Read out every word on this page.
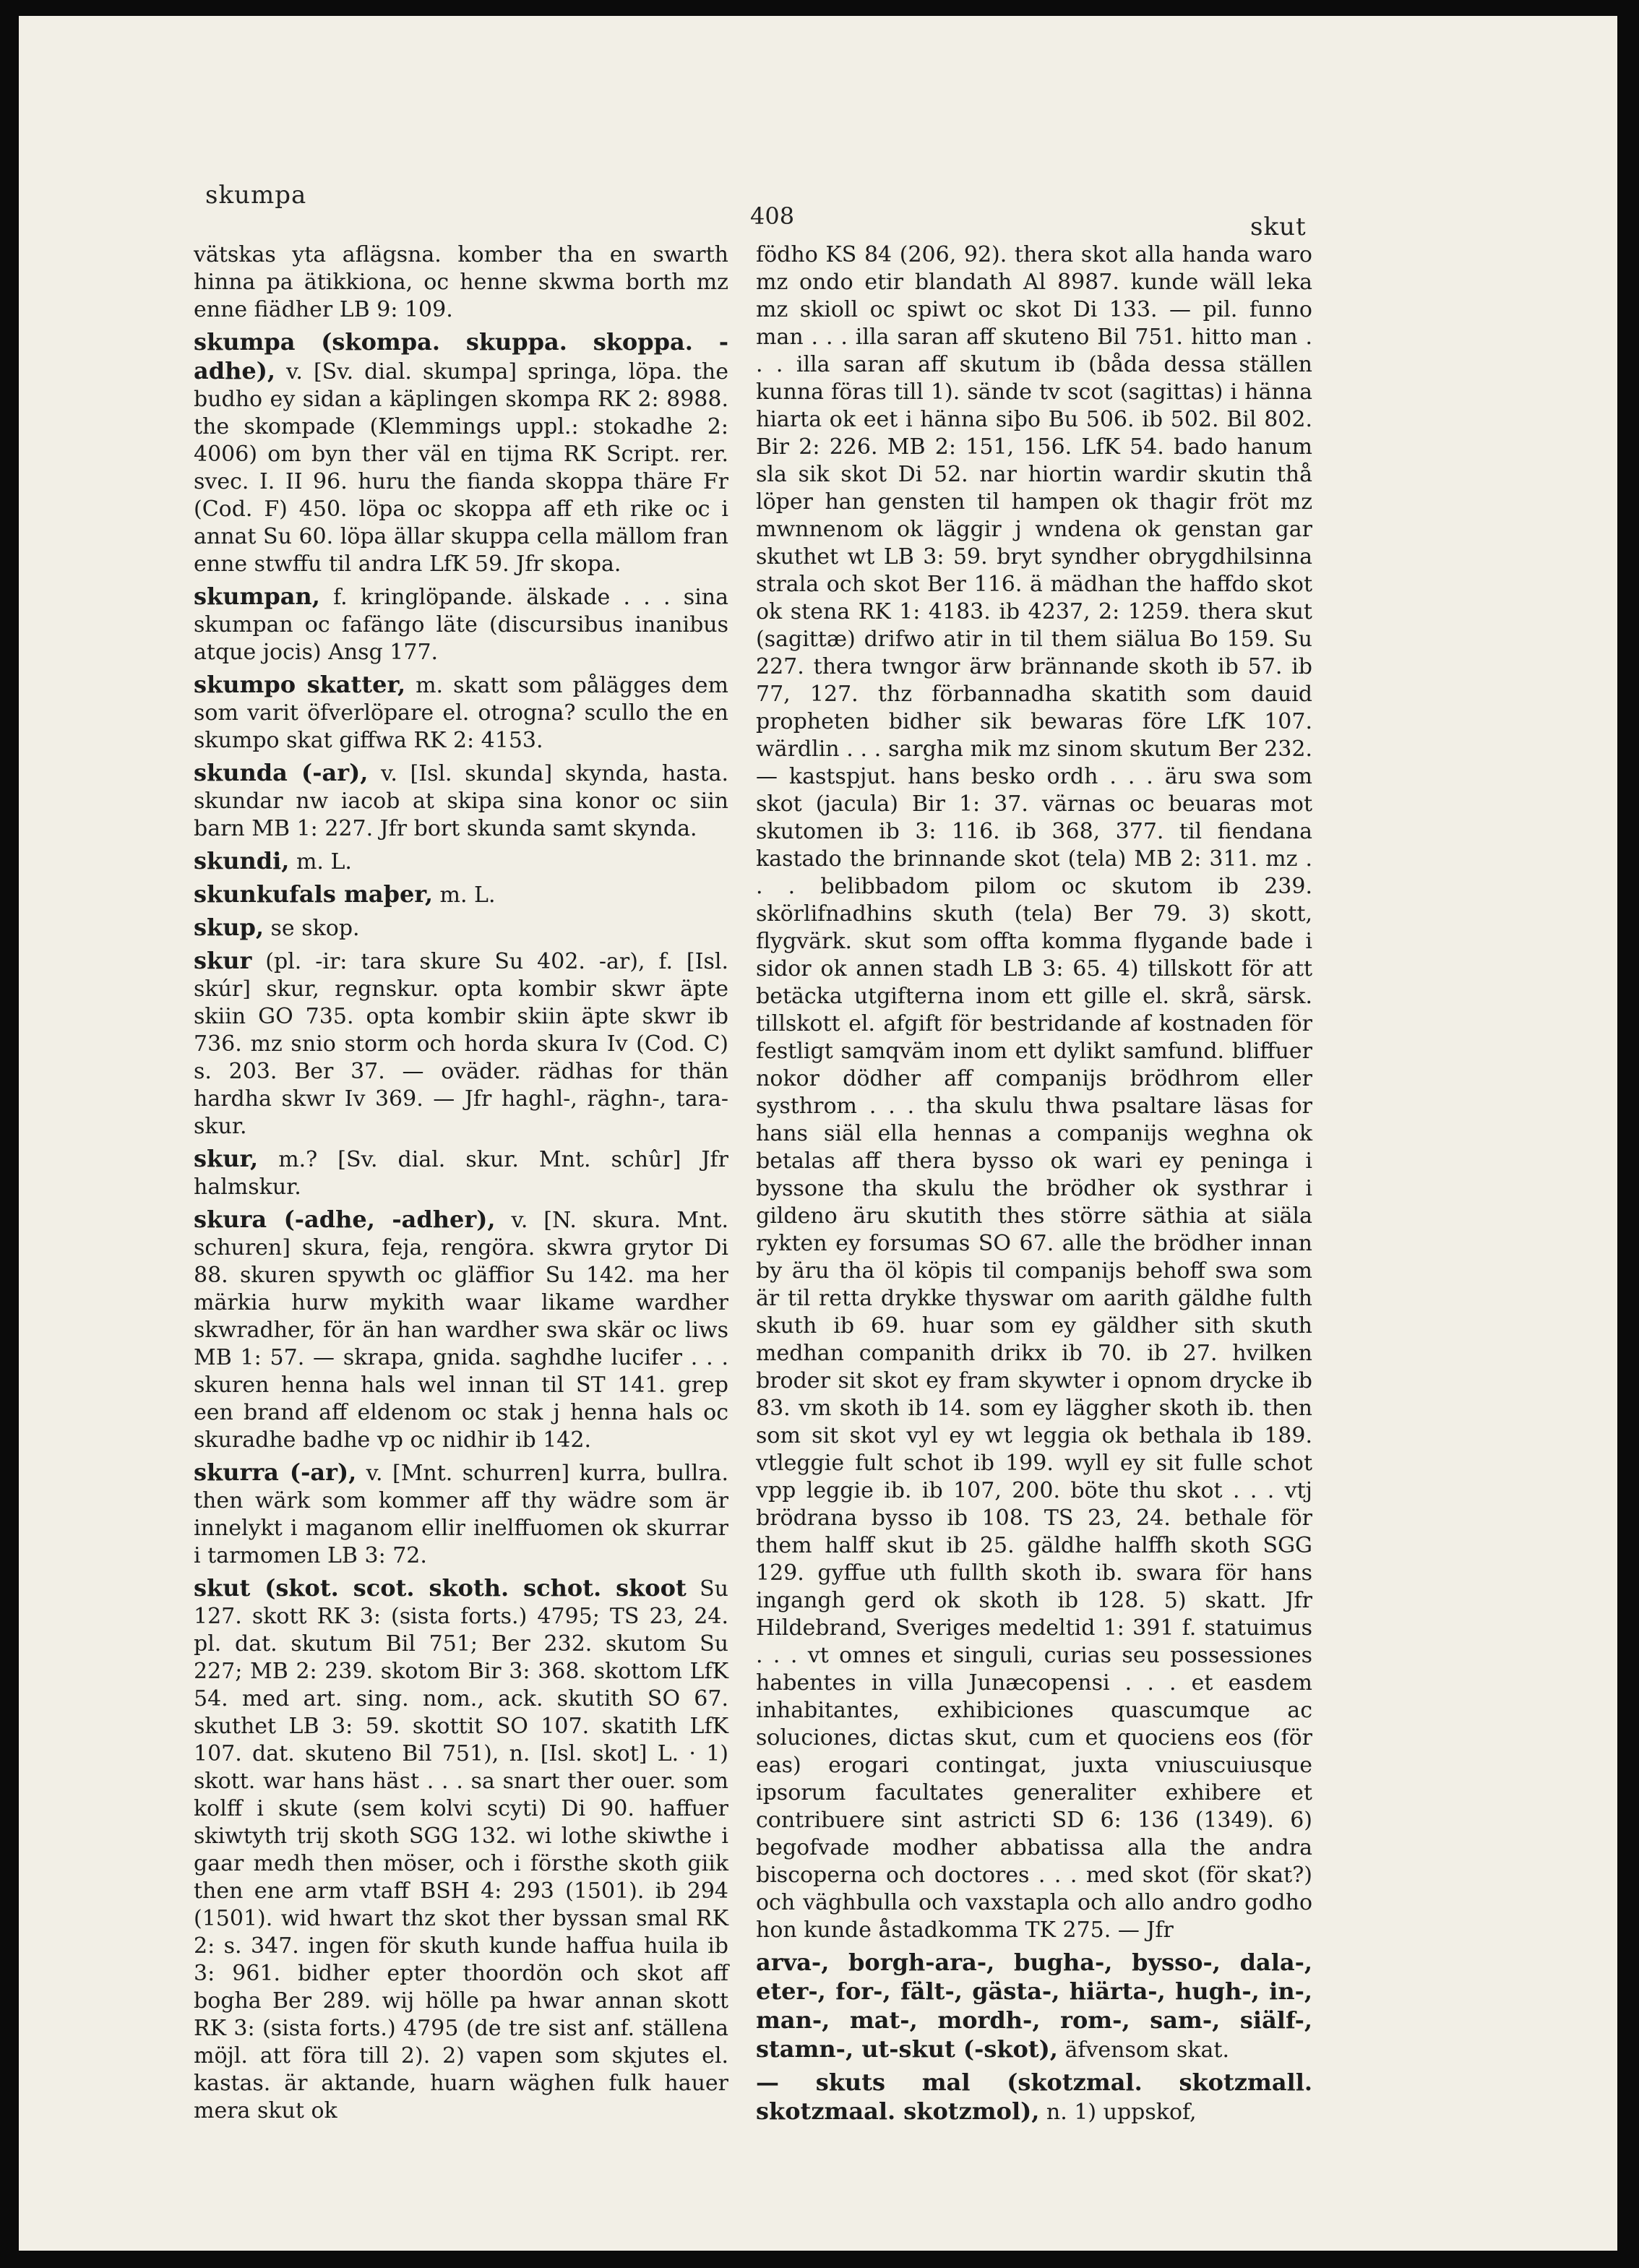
skumpa
408	skut
vätskas yta aflägsna. komber tha en swarth hinna pa ätikkiona, oc henne skwma borth mz enne fiädher LB 9: 109.
skumpa (skompa. skuppa. skoppa. -adhe), v. [Sv. dial. skumpa] springa, löpa. the budho ey sidan a käplingen skompa RK 2: 8988. the skompade (Klemmings uppl.: stokadhe 2: 4006) om byn ther väl en tijma RK Script. rer. svec. I. II 96. huru the fianda skoppa thäre Fr (Cod. F) 450. löpa oc skoppa aff eth rike oc i annat Su 60. löpa ällar skuppa cella mällom fran enne stwffu til andra LfK 59. Jfr skopa.
skumpan, f. kringlöpande. älskade . . . sina skumpan oc fafängo läte (discursibus inanibus atque jocis) Ansg 177.
skumpo skatter, m. skatt som pålägges dem som varit öfverlöpare el. otrogna? scullo the en skumpo skat giffwa RK 2: 4153.
skunda (-ar), v. [Isl. skunda] skynda, hasta. skundar nw iacob at skipa sina konor oc siin barn MB 1: 227. Jfr bort skunda samt skynda.
skundi, m. L.
skunkufals maþer, m. L.
skup, se skop.
skur (pl. -ir: tara skure Su 402. -ar), f. [Isl. skúr] skur, regnskur. opta kombir skwr äpte skiin GO 735. opta kombir skiin äpte skwr ib 736. mz snio storm och horda skura Iv (Cod. C) s. 203. Ber 37. — oväder. rädhas for thän hardha skwr Iv 369. — Jfr haghl-, räghn-, tara-skur.
skur, m.? [Sv. dial. skur. Mnt. schûr] Jfr halmskur.
skura (-adhe, -adher), v. [N. skura. Mnt. schuren] skura, feja, rengöra. skwra grytor Di 88. skuren spywth oc gläffior Su 142. ma her märkia hurw mykith waar likame wardher skwradher, för än han wardher swa skär oc liws MB 1: 57. — skrapa, gnida. saghdhe lucifer . . . skuren henna hals wel innan til ST 141. grep een brand aff eldenom oc stak j henna hals oc skuradhe badhe vp oc nidhir ib 142.
skurra (-ar), v. [Mnt. schurren] kurra, bullra. then wärk som kommer aff thy wädre som är innelykt i maganom ellir inelffuomen ok skurrar i tarmomen LB 3: 72.
skut (skot. scot. skoth. schot. skoot Su 127. skott RK 3: (sista forts.) 4795; TS 23, 24. pl. dat. skutum Bil 751; Ber 232. skutom Su 227; MB 2: 239. skotom Bir 3: 368. skottom LfK 54. med art. sing. nom., ack. skutith SO 67. skuthet LB 3: 59. skottit SO 107. skatith LfK 107. dat. skuteno Bil 751), n. [Isl. skot] L. · 1) skott. war hans häst . . . sa snart ther ouer. som kolff i skute (sem kolvi scyti) Di 90. haffuer skiwtyth trij skoth SGG 132. wi lothe skiwthe i gaar medh then möser, och i försthe skoth giik then ene arm vtaff BSH 4: 293 (1501). ib 294 (1501). wid hwart thz skot ther byssan smal RK 2: s. 347. ingen för skuth kunde haffua huila ib 3: 961. bidher epter thoordön och skot aff bogha Ber 289. wij hölle pa hwar annan skott RK 3: (sista forts.) 4795 (de tre sist anf. ställena möjl. att föra till 2). 2) vapen som skjutes el. kastas. är aktande, huarn wäghen fulk hauer mera skut ok
födho KS 84 (206, 92). thera skot alla handa waro mz ondo etir blandath Al 8987. kunde wäll leka mz skioll oc spiwt oc skot Di 133. — pil. funno man . . . illa saran aff skuteno Bil 751. hitto man . . . illa saran aff skutum ib (båda dessa ställen kunna föras till 1). sände tv scot (sagittas) i hänna hiarta ok eet i hänna siþo Bu 506. ib 502. Bil 802. Bir 2: 226. MB 2: 151, 156. LfK 54. bado hanum sla sik skot Di 52. nar hiortin wardir skutin thå löper han gensten til hampen ok thagir fröt mz mwnnenom ok läggir j wndena ok genstan gar skuthet wt LB 3: 59. bryt syndher obrygdhilsinna strala och skot Ber 116. ä mädhan the haffdo skot ok stena RK 1: 4183. ib 4237, 2: 1259. thera skut (sagittæ) drifwo atir in til them siälua Bo 159. Su 227. thera twngor ärw brännande skoth ib 57. ib 77, 127. thz förbannadha skatith som dauid propheten bidher sik bewaras före LfK 107. wärdlin . . . sargha mik mz sinom skutum Ber 232. — kastspjut. hans besko ordh . . . äru swa som skot (jacula) Bir 1: 37. värnas oc beuaras mot skutomen ib 3: 116. ib 368, 377. til fiendana kastado the brinnande skot (tela) MB 2: 311. mz . . . belibbadom pilom oc skutom ib 239. skörlifnadhins skuth (tela) Ber 79. 3) skott, flygvärk. skut som offta komma flygande bade i sidor ok annen stadh LB 3: 65. 4) tillskott för att betäcka utgifterna inom ett gille el. skrå, särsk. tillskott el. afgift för bestridande af kostnaden för festligt samqväm inom ett dylikt samfund. bliffuer nokor dödher aff companijs brödhrom eller systhrom . . . tha skulu thwa psaltare läsas for hans siäl ella hennas a companijs weghna ok betalas aff thera bysso ok wari ey peninga i byssone tha skulu the brödher ok systhrar i gildeno äru skutith thes större säthia at siäla rykten ey forsumas SO 67. alle the brödher innan by äru tha öl köpis til companijs behoff swa som är til retta drykke thyswar om aarith gäldhe fulth skuth ib 69. huar som ey gäldher sith skuth medhan companith drikx ib 70. ib 27. hvilken broder sit skot ey fram skywter i opnom drycke ib 83. vm skoth ib 14. som ey läggher skoth ib. then som sit skot vyl ey wt leggia ok bethala ib 189. vtleggie fult schot ib 199. wyll ey sit fulle schot vpp leggie ib. ib 107, 200. böte thu skot . . . vtj brödrana bysso ib 108. TS 23, 24. bethale för them halff skut ib 25. gäldhe halffh skoth SGG 129. gyffue uth fullth skoth ib. swara för hans ingangh gerd ok skoth ib 128. 5) skatt. Jfr Hildebrand, Sveriges medeltid 1: 391 f. statuimus . . . vt omnes et singuli, curias seu possessiones habentes in villa Junæcopensi . . . et easdem inhabitantes, exhibiciones quascumque ac soluciones, dictas skut, cum et quociens eos (för eas) erogari contingat, juxta vniuscuiusque ipsorum facultates generaliter exhibere et contribuere sint astricti SD 6: 136 (1349). 6) begofvade modher abbatissa alla the andra biscoperna och doctores . . . med skot (för skat?) och väghbulla och vaxstapla och allo andro godho hon kunde åstadkomma TK 275. — Jfr
arva-, borgh-ara-, bugha-, bysso-, dala-, eter-, for-, fält-, gästa-, hiärta-, hugh-, in-, man-, mat-, mordh-, rom-, sam-, siälf-, stamn-, ut-skut (-skot), äfvensom skat.
— skuts mal (skotzmal. skotzmall. skotzmaal. skotzmol), n. 1) uppskof,
